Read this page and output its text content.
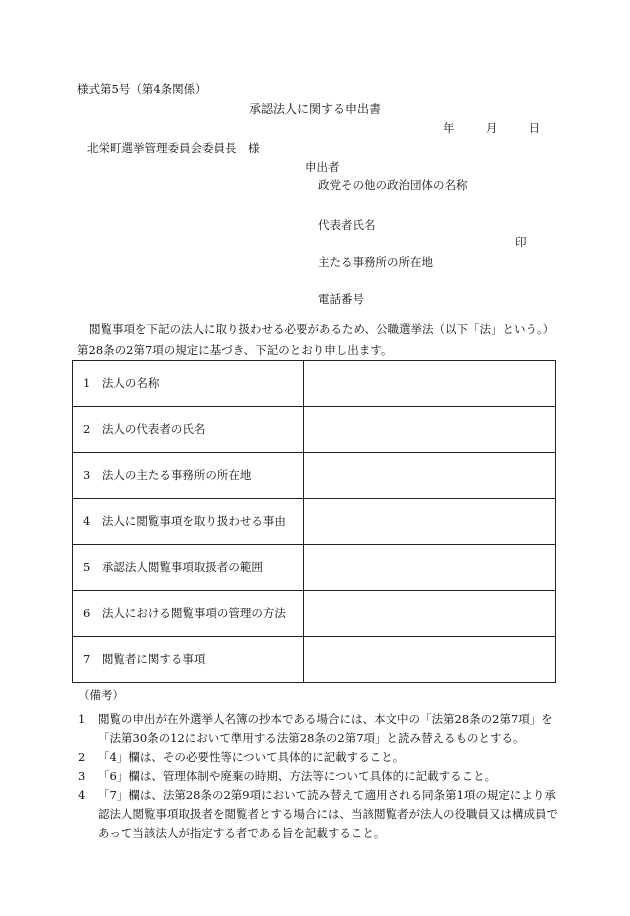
様式第5号（第4条関係）
承認法人に関する申出書
年	月	日
北栄町選挙管理委員会委員長　様
申出者
政党その他の政治団体の名称
代表者氏名
印
主たる事務所の所在地
電話番号
閲覧事項を下記の法人に取り扱わせる必要があるため、公職選挙法（以下「法」という。）第28条の2第7項の規定に基づき、下記のとおり申し出ます。
1　法人の名称	
2　法人の代表者の氏名	
3　法人の主たる事務所の所在地	
4　法人に閲覧事項を取り扱わせる事由	
5　承認法人閲覧事項取扱者の範囲	
6　法人における閲覧事項の管理の方法	
7　閲覧者に関する事項	
（備考）
1	閲覧の申出が在外選挙人名簿の抄本である場合には、本文中の「法第28条の2第7項」を「法第30条の12において準用する法第28条の2第7項」と読み替えるものとする。
2	「4」欄は、その必要性等について具体的に記載すること。
3	「6」欄は、管理体制や廃棄の時期、方法等について具体的に記載すること。
4	「7」欄は、法第28条の2第9項において読み替えて適用される同条第1項の規定により承認法人閲覧事項取扱者を閲覧者とする場合には、当該閲覧者が法人の役職員又は構成員であって当該法人が指定する者である旨を記載すること。
